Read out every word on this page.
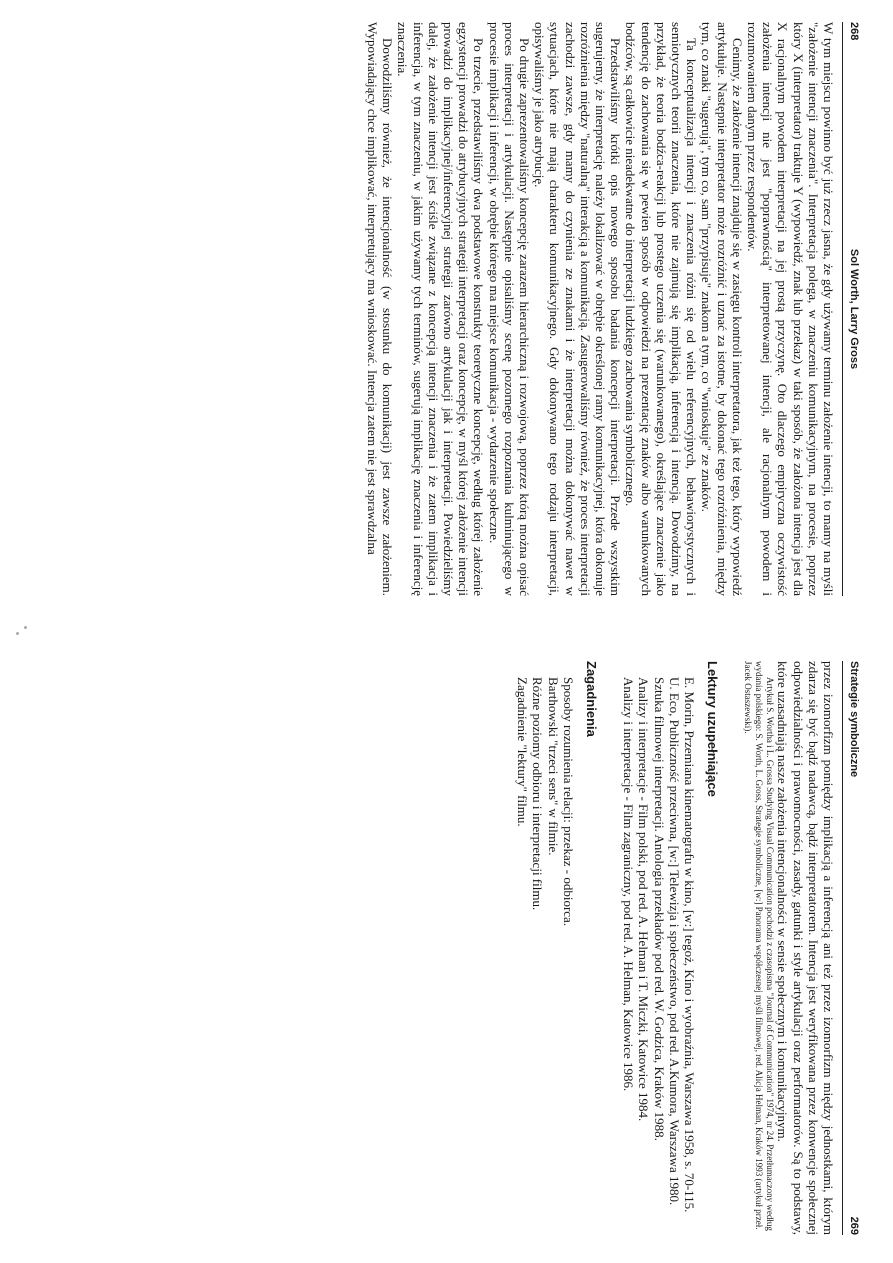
268
Sol Worth, Larry Gross

W tym miejscu powinno być już rzecz jasna, że gdy używamy terminu założenie intencji, to mamy na myśli "założenie intencji znaczenia". Interpretacja polega, w znaczeniu komunikacyjnym, na procesie, poprzez który X (interpretator) traktuje Y (wypowiedź, znak lub przekaz) w taki sposób, że założona intencja jest dla X racjonalnym powodem interpretacji na jej prostą przyczynę. Oto dlaczego empiryczna oczywistość założenia intencji nie jest "poprawnością" interpretowanej intencji, ale racjonalnym powodem i rozumowaniem danym przez respondentów.

Cenimy, że założenie intencji znajduje się w zasięgu kontroli interpretatora, jak też tego, który wypowiedź artykułuje. Następnie interpretator może rozróżnić i uznać za istotne, by dokonać tego rozróżnienia, między tym, co znaki "sugerują", tym co, sam "przypisuje" znakom a tym, co "wnioskuje" ze znaków.

Ta konceptualizacja intencji i znaczenia różni się od wielu referencyjnych, behawiorystycznych i semiotycznych teorii znaczenia, które nie zajmują się implikacją, inferencją i intencją. Dowodzimy, na przykład, że teoria bodźca-reakcji lub prostego uczenia się (warunkowanego), określające znaczenie jako tendencję do zachowania się w pewien sposób w odpowiedzi na prezentację znaków albo warunkowanych bodźców, są całkowicie nieadekwatne do interpretacji ludzkiego zachowania symbolicznego.

Przedstawiliśmy krótki opis nowego sposobu badania koncepcji interpretacji. Przede wszystkim sugerujemy, że interpretację należy lokalizować w obrębie określonej ramy komunikacyjnej, która dokonuje rozróżnienia między "naturalną" interakcją a komunikacją. Zasugerowaliśmy również, że proces interpretacji zachodzi zawsze, gdy mamy do czynienia ze znakami i że interpretacji można dokonywać nawet w sytuacjach, które nie mają charakteru komunikacyjnego. Gdy dokonywano tego rodzaju interpretacji, opisywaliśmy je jako atrybucję.

Po drugie zaprezentowaliśmy koncepcję zarazem hierarchiczną i rozwojową, poprzez którą można opisać proces interpretacji i artykulacji. Następnie opisaliśmy scenę pozornego rozpoznania kulminującego w procesie implikacji i inferencji, w obrębie którego ma miejsce komunikacja - wydarzenie społeczne.

Po trzecie, przedstawiliśmy dwa podstawowe konstrukty teoretyczne koncepcję, według której założenie egzystencji prowadzi do atrybucyjnych strategii interpretacji oraz koncepcję, w myśl której założenie intencji prowadzi do implikacyjnej/inferencyjnej strategii zarówno artykulacji jak i interpretacji. Powiedzieliśmy dalej, że założenie intencji jest ściśle związane z koncepcją intencji znaczenia i że zatem implikacja i inferencja, w tym znaczeniu, w jakim używamy tych terminów, sugerują implikację znaczenia i inferencję znaczenia.

Dowodziliśmy również, że intencjonalność (w stosunku do komunikacji) jest zawsze założeniem. Wypowiadający chce implikować, interpretujący ma wnioskować. Intencja zatem nie jest sprawdzalna

Strategie symboliczne
269

przez izomorfizm pomiędzy implikacją a inferencją ani też przez izomorfizm między jednostkami, którym zdarza się być bądź nadawcą, bądź interpretatorem. Intencja jest weryfikowana przez konwencje społecznej odpowiedzialności i prawomocności, zasady, gatunki i style artykulacji oraz performatorów. Są to podstawy, które uzasadniają nasze założenia intencjonalności w sensie społecznym i komunikacyjnym.

Artykuł S. Wortha i L. Grossa Studying Visual Communication pochodzi z czasopisma "Journal of Communication" 1974, nr 24. Przetłumaczony według wydania polskiego: S. Worth, L. Gross, Strategie symboliczne, [w:] Panorama współczesnej myśli filmowej, red. Alicja Helman, Kraków 1993 (artykuł przeł. Jacek Ostaszewski).

Lektury uzupełniające

E. Morin, Przemiana kinematografu w kino, [w:] tegoż, Kino i wyobraźnia, Warszawa 1958, s. 70-115.

U. Eco, Publiczność przeciwna, [w:] Telewizja i społeczeństwo, pod red. A.Kumora, Warszawa 1980.

Sztuka filmowej interpretacji. Antologia przekładów pod red. W. Godzica, Kraków 1988.

Analizy i interpretacje - Film polski, pod red. A. Helman i T. Miczki, Katowice 1984.

Analizy i interpretacje - Film zagraniczny, pod red. A. Helman, Katowice 1986.

Zagadnienia

Sposoby rozumienia relacji: przekaz - odbiorca.

Barthowski "trzeci sens" w filmie.

Różne poziomy odbioru i interpretacji filmu.

Zagadnienie "lektury" filmu.
